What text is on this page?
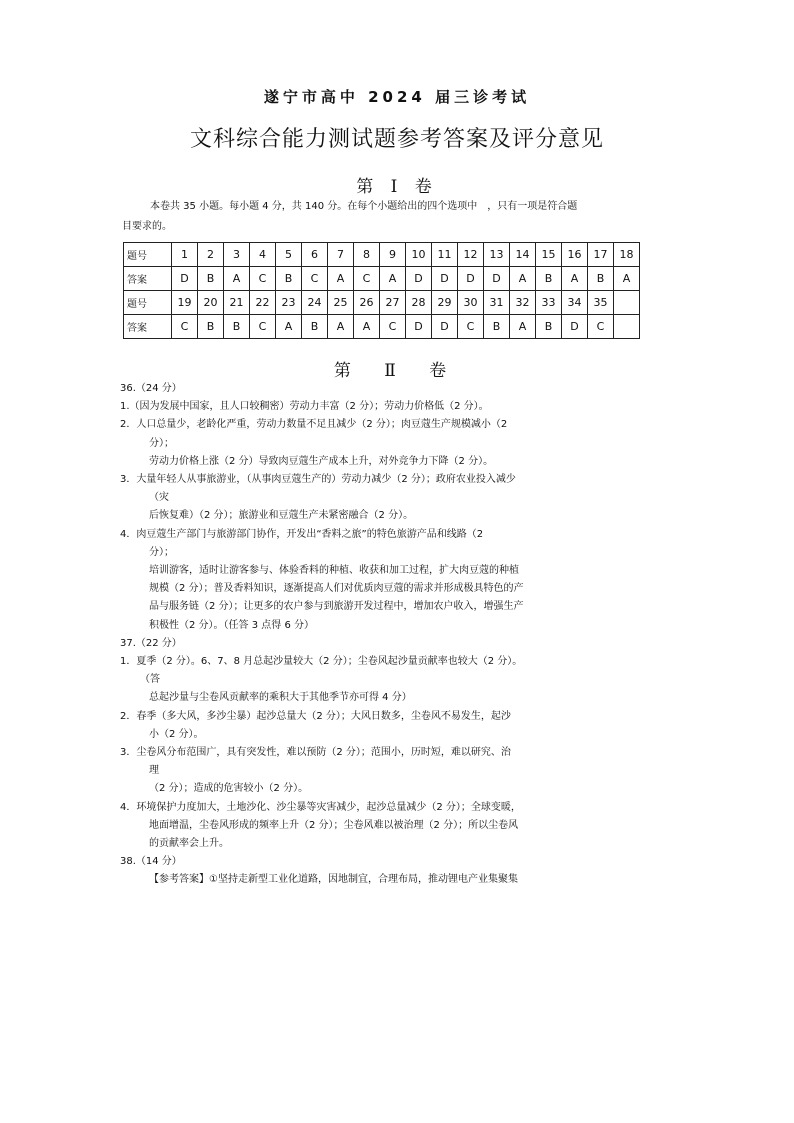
遂宁市高中 2024 届三诊考试
文科综合能力测试题参考答案及评分意见
第 Ⅰ 卷
本卷共 35 小题。每小题 4 分，共 140 分。在每个小题给出的四个选项中　，只有一项是符合题
目要求的。
题号	1	2	3	4	5	6	7	8	9	10	11	12	13	14	15	16	17	18
答案	D	B	A	C	B	C	A	C	A	D	D	D	D	A	B	A	B	A
题号	19	20	21	22	23	24	25	26	27	28	29	30	31	32	33	34	35	
答案	C	B	B	C	A	B	A	A	C	D	D	C	B	A	B	D	C	
第 Ⅱ 卷
36.（24 分）
1.（因为发展中国家，且人口较稠密）劳动力丰富（2 分）；劳动力价格低（2 分）。
2．人口总量少，老龄化严重，劳动力数量不足且减少（2 分）；肉豆蔻生产规模减小（2
分）；
劳动力价格上涨（2 分）导致肉豆蔻生产成本上升，对外竞争力下降（2 分）。
3．大量年轻人从事旅游业，（从事肉豆蔻生产的）劳动力减少（2 分）；政府农业投入减少
（灾
后恢复难）（2 分）；旅游业和豆蔻生产未紧密融合（2 分）。
4．肉豆蔻生产部门与旅游部门协作，开发出“香料之旅”的特色旅游产品和线路（2
分）；
培训游客，适时让游客参与、体验香料的种植、收获和加工过程，扩大肉豆蔻的种植
规模（2 分）；普及香料知识，逐渐提高人们对优质肉豆蔻的需求并形成极具特色的产
品与服务链（2 分）；让更多的农户参与到旅游开发过程中，增加农户收入，增强生产
积极性（2 分）。（任答 3 点得 6 分）
37.（22 分）
1．夏季（2 分）。6、7、8 月总起沙量较大（2 分）；尘卷风起沙量贡献率也较大（2 分）。
（答
总起沙量与尘卷风贡献率的乘积大于其他季节亦可得 4 分）
2．春季（多大风，多沙尘暴）起沙总量大（2 分）；大风日数多，尘卷风不易发生，起沙
小（2 分）。
3．尘卷风分布范围广，具有突发性，难以预防（2 分）；范围小，历时短，难以研究、治
理
（2 分）；造成的危害较小（2 分）。
4．环境保护力度加大，土地沙化、沙尘暴等灾害减少，起沙总量减少（2 分）；全球变暖，
地面增温，尘卷风形成的频率上升（2 分）；尘卷风难以被治理（2 分）；所以尘卷风
的贡献率会上升。
38.（14 分）
【参考答案】①坚持走新型工业化道路，因地制宜，合理布局，推动锂电产业集聚集
